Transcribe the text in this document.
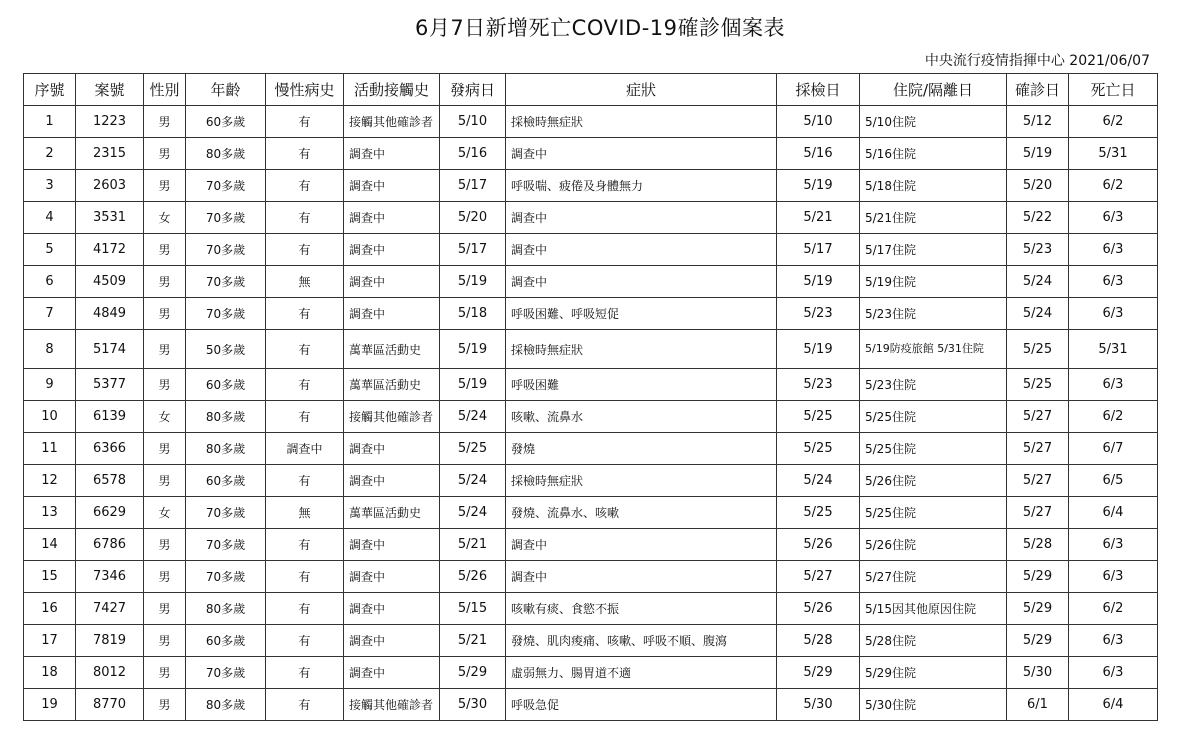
6月7日新增死亡COVID-19確診個案表
中央流行疫情指揮中心 2021/06/07
序號	案號	性別	年齡	慢性病史	活動接觸史	發病日	症狀	採檢日	住院/隔離日	確診日	死亡日
1	1223	男	60多歲	有	接觸其他確診者	5/10	採檢時無症狀	5/10	5/10住院	5/12	6/2
2	2315	男	80多歲	有	調查中	5/16	調查中	5/16	5/16住院	5/19	5/31
3	2603	男	70多歲	有	調查中	5/17	呼吸喘、疲倦及身體無力	5/19	5/18住院	5/20	6/2
4	3531	女	70多歲	有	調查中	5/20	調查中	5/21	5/21住院	5/22	6/3
5	4172	男	70多歲	有	調查中	5/17	調查中	5/17	5/17住院	5/23	6/3
6	4509	男	70多歲	無	調查中	5/19	調查中	5/19	5/19住院	5/24	6/3
7	4849	男	70多歲	有	調查中	5/18	呼吸困難、呼吸短促	5/23	5/23住院	5/24	6/3
8	5174	男	50多歲	有	萬華區活動史	5/19	採檢時無症狀	5/19	5/19防疫旅館 5/31住院	5/25	5/31
9	5377	男	60多歲	有	萬華區活動史	5/19	呼吸困難	5/23	5/23住院	5/25	6/3
10	6139	女	80多歲	有	接觸其他確診者	5/24	咳嗽、流鼻水	5/25	5/25住院	5/27	6/2
11	6366	男	80多歲	調查中	調查中	5/25	發燒	5/25	5/25住院	5/27	6/7
12	6578	男	60多歲	有	調查中	5/24	採檢時無症狀	5/24	5/26住院	5/27	6/5
13	6629	女	70多歲	無	萬華區活動史	5/24	發燒、流鼻水、咳嗽	5/25	5/25住院	5/27	6/4
14	6786	男	70多歲	有	調查中	5/21	調查中	5/26	5/26住院	5/28	6/3
15	7346	男	70多歲	有	調查中	5/26	調查中	5/27	5/27住院	5/29	6/3
16	7427	男	80多歲	有	調查中	5/15	咳嗽有痰、食慾不振	5/26	5/15因其他原因住院	5/29	6/2
17	7819	男	60多歲	有	調查中	5/21	發燒、肌肉痠痛、咳嗽、呼吸不順、腹瀉	5/28	5/28住院	5/29	6/3
18	8012	男	70多歲	有	調查中	5/29	虛弱無力、腸胃道不適	5/29	5/29住院	5/30	6/3
19	8770	男	80多歲	有	接觸其他確診者	5/30	呼吸急促	5/30	5/30住院	6/1	6/4
